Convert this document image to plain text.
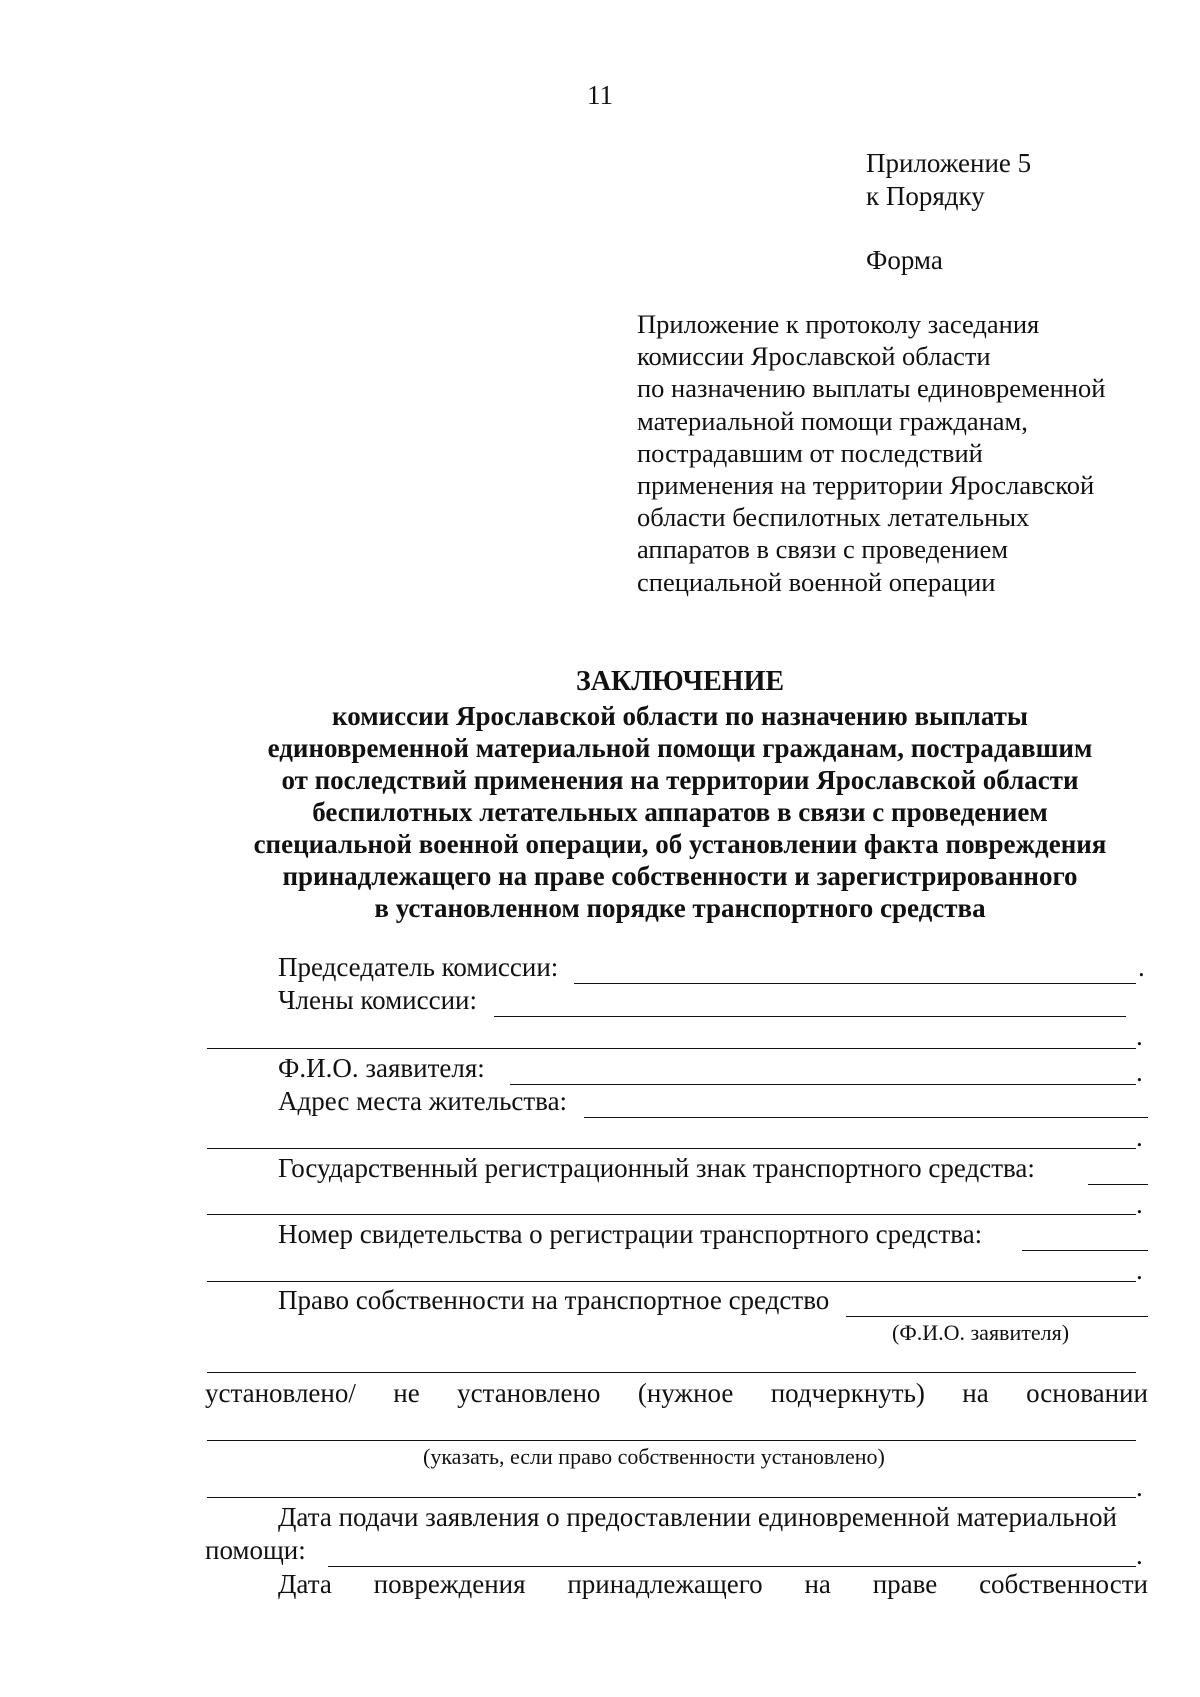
11
Приложение 5
к Порядку
Форма
Приложение к протоколу заседания
комиссии Ярославской области
по назначению выплаты единовременной
материальной помощи гражданам,
пострадавшим от последствий
применения на территории Ярославской
области беспилотных летательных
аппаратов в связи с проведением
специальной военной операции
ЗАКЛЮЧЕНИЕ
комиссии Ярославской области по назначению выплаты
единовременной материальной помощи гражданам, пострадавшим
от последствий применения на территории Ярославской области
беспилотных летательных аппаратов в связи с проведением
специальной военной операции, об установлении факта повреждения
принадлежащего на праве собственности и зарегистрированного
в установленном порядке транспортного средства
Председатель комиссии:	.
Члены комиссии:
.
Ф.И.О. заявителя:	.
Адрес места жительства:
.
Государственный регистрационный знак транспортного средства:
.
Номер свидетельства о регистрации транспортного средства:
.
Право собственности на транспортное средство
(Ф.И.О. заявителя)
установлено/ не установлено (нужное подчеркнуть) на основании
(указать, если право собственности установлено)
.
Дата подачи заявления о предоставлении единовременной материальной
помощи:	.
Дата повреждения принадлежащего на праве собственности
